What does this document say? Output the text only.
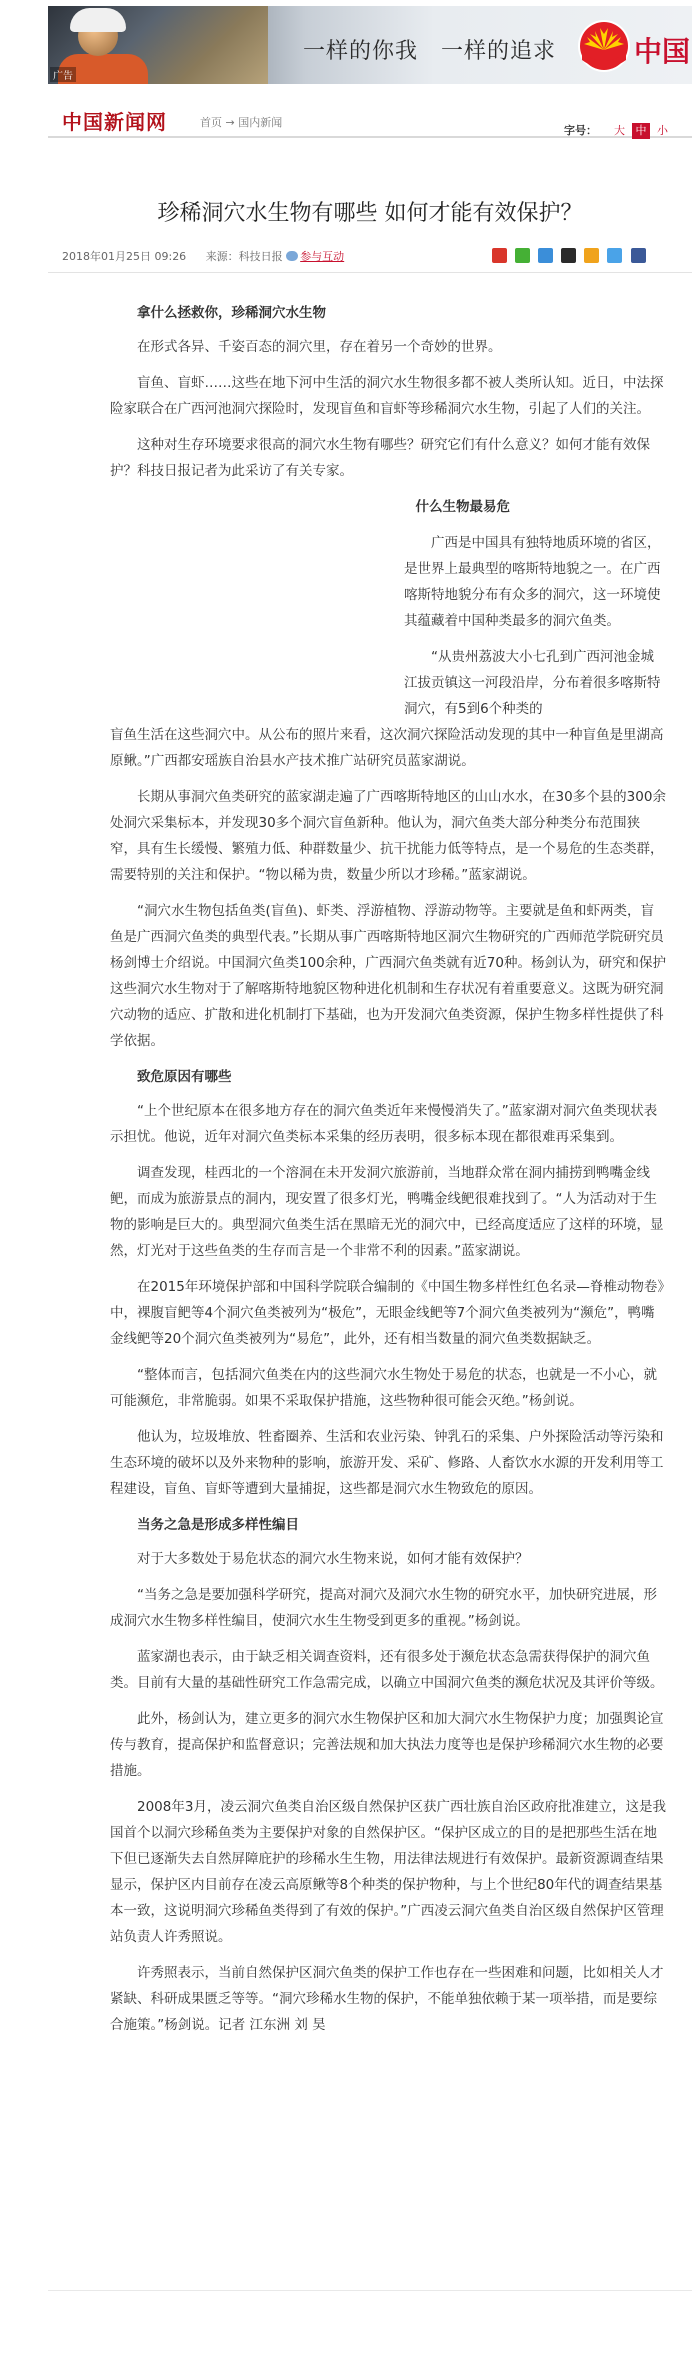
一样的你我　一样的追求	中国
广告
中国新闻网	首页 → 国内新闻
字号： 大 中 小
珍稀洞穴水生物有哪些 如何才能有效保护？
2018年01月25日 09:26 来源：科技日报 参与互动

拿什么拯救你，珍稀洞穴水生物

在形式各异、千姿百态的洞穴里，存在着另一个奇妙的世界。

盲鱼、盲虾……这些在地下河中生活的洞穴水生物很多都不被人类所认知。近日，中法探险家联合在广西河池洞穴探险时，发现盲鱼和盲虾等珍稀洞穴水生物，引起了人们的关注。

这种对生存环境要求很高的洞穴水生物有哪些？研究它们有什么意义？如何才能有效保护？科技日报记者为此采访了有关专家。

什么生物最易危

广西是中国具有独特地质环境的省区，是世界上最典型的喀斯特地貌之一。在广西喀斯特地貌分布有众多的洞穴，这一环境使其蕴藏着中国种类最多的洞穴鱼类。

“从贵州荔波大小七孔到广西河池金城江拔贡镇这一河段沿岸，分布着很多喀斯特洞穴，有5到6个种类的

盲鱼生活在这些洞穴中。从公布的照片来看，这次洞穴探险活动发现的其中一种盲鱼是里湖高原鳅。”广西都安瑶族自治县水产技术推广站研究员蓝家湖说。

长期从事洞穴鱼类研究的蓝家湖走遍了广西喀斯特地区的山山水水，在30多个县的300余处洞穴采集标本，并发现30多个洞穴盲鱼新种。他认为，洞穴鱼类大部分种类分布范围狭窄，具有生长缓慢、繁殖力低、种群数量少、抗干扰能力低等特点，是一个易危的生态类群，需要特别的关注和保护。“物以稀为贵，数量少所以才珍稀。”蓝家湖说。

“洞穴水生物包括鱼类(盲鱼)、虾类、浮游植物、浮游动物等。主要就是鱼和虾两类，盲鱼是广西洞穴鱼类的典型代表。”长期从事广西喀斯特地区洞穴生物研究的广西师范学院研究员杨剑博士介绍说。中国洞穴鱼类100余种，广西洞穴鱼类就有近70种。杨剑认为，研究和保护这些洞穴水生物对于了解喀斯特地貌区物种进化机制和生存状况有着重要意义。这既为研究洞穴动物的适应、扩散和进化机制打下基础，也为开发洞穴鱼类资源，保护生物多样性提供了科学依据。

致危原因有哪些

“上个世纪原本在很多地方存在的洞穴鱼类近年来慢慢消失了。”蓝家湖对洞穴鱼类现状表示担忧。他说，近年对洞穴鱼类标本采集的经历表明，很多标本现在都很难再采集到。

调查发现，桂西北的一个溶洞在未开发洞穴旅游前，当地群众常在洞内捕捞到鸭嘴金线鲃，而成为旅游景点的洞内，现安置了很多灯光，鸭嘴金线鲃很难找到了。“人为活动对于生物的影响是巨大的。典型洞穴鱼类生活在黑暗无光的洞穴中，已经高度适应了这样的环境，显然，灯光对于这些鱼类的生存而言是一个非常不利的因素。”蓝家湖说。

在2015年环境保护部和中国科学院联合编制的《中国生物多样性红色名录—脊椎动物卷》中，裸腹盲鲃等4个洞穴鱼类被列为“极危”，无眼金线鲃等7个洞穴鱼类被列为“濒危”，鸭嘴金线鲃等20个洞穴鱼类被列为“易危”，此外，还有相当数量的洞穴鱼类数据缺乏。

“整体而言，包括洞穴鱼类在内的这些洞穴水生物处于易危的状态，也就是一不小心，就可能濒危，非常脆弱。如果不采取保护措施，这些物种很可能会灭绝。”杨剑说。

他认为，垃圾堆放、牲畜圈养、生活和农业污染、钟乳石的采集、户外探险活动等污染和生态环境的破坏以及外来物种的影响，旅游开发、采矿、修路、人畜饮水水源的开发利用等工程建设，盲鱼、盲虾等遭到大量捕捉，这些都是洞穴水生物致危的原因。

当务之急是形成多样性编目

对于大多数处于易危状态的洞穴水生物来说，如何才能有效保护？

“当务之急是要加强科学研究，提高对洞穴及洞穴水生物的研究水平，加快研究进展，形成洞穴水生物多样性编目，使洞穴水生生物受到更多的重视。”杨剑说。

蓝家湖也表示，由于缺乏相关调查资料，还有很多处于濒危状态急需获得保护的洞穴鱼类。目前有大量的基础性研究工作急需完成，以确立中国洞穴鱼类的濒危状况及其评价等级。

此外，杨剑认为，建立更多的洞穴水生物保护区和加大洞穴水生物保护力度；加强舆论宣传与教育，提高保护和监督意识；完善法规和加大执法力度等也是保护珍稀洞穴水生物的必要措施。

2008年3月，凌云洞穴鱼类自治区级自然保护区获广西壮族自治区政府批准建立，这是我国首个以洞穴珍稀鱼类为主要保护对象的自然保护区。“保护区成立的目的是把那些生活在地下但已逐渐失去自然屏障庇护的珍稀水生生物，用法律法规进行有效保护。最新资源调查结果显示，保护区内目前存在凌云高原鳅等8个种类的保护物种，与上个世纪80年代的调查结果基本一致，这说明洞穴珍稀鱼类得到了有效的保护。”广西凌云洞穴鱼类自治区级自然保护区管理站负责人许秀照说。

许秀照表示，当前自然保护区洞穴鱼类的保护工作也存在一些困难和问题，比如相关人才紧缺、科研成果匮乏等等。“洞穴珍稀水生物的保护，不能单独依赖于某一项举措，而是要综合施策。”杨剑说。记者 江东洲 刘 昊
